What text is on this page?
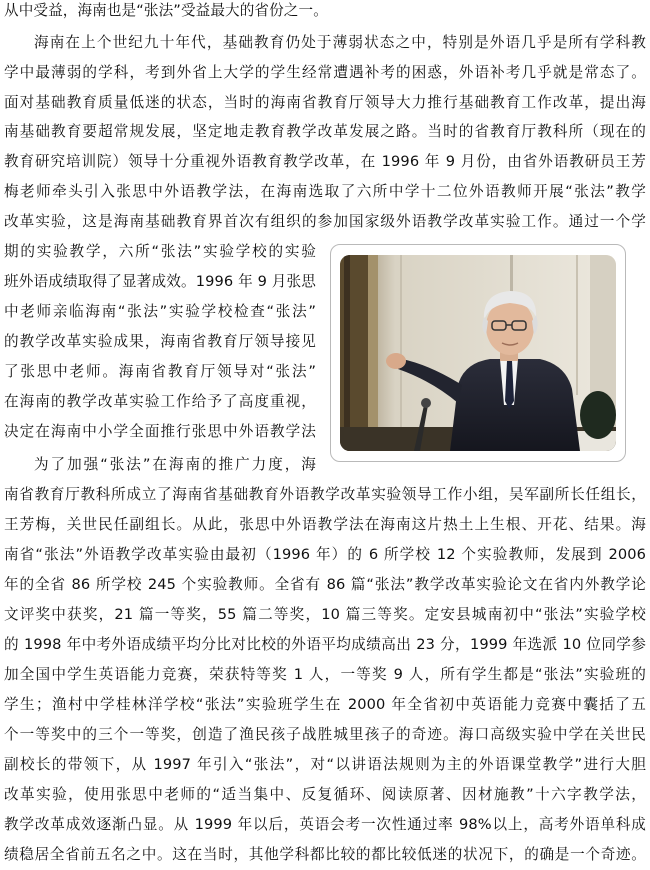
从中受益，海南也是“张法”受益最大的省份之一。
海南在上个世纪九十年代，基础教育仍处于薄弱状态之中，特别是外语几乎是所有学科教
学中最薄弱的学科，考到外省上大学的学生经常遭遇补考的困惑，外语补考几乎就是常态了。
面对基础教育质量低迷的状态，当时的海南省教育厅领导大力推行基础教育工作改革，提出海
南基础教育要超常规发展，坚定地走教育教学改革发展之路。当时的省教育厅教科所（现在的
教育研究培训院）领导十分重视外语教育教学改革，在 1996 年 9 月份，由省外语教研员王芳
梅老师牵头引入张思中外语教学法，在海南选取了六所中学十二位外语教师开展“张法”教学
改革实验，这是海南基础教育界首次有组织的参加国家级外语教学改革实验工作。通过一个学
期的实验教学，六所“张法”实验学校的实验
班外语成绩取得了显著成效。1996 年 9 月张思
中老师亲临海南“张法”实验学校检查“张法”
的教学改革实验成果，海南省教育厅领导接见
了张思中老师。海南省教育厅领导对“张法”
在海南的教学改革实验工作给予了高度重视，
决定在海南中小学全面推行张思中外语教学法
为了加强“张法”在海南的推广力度，海
南省教育厅教科所成立了海南省基础教育外语教学改革实验领导工作小组，吴军副所长任组长，
王芳梅，关世民任副组长。从此，张思中外语教学法在海南这片热土上生根、开花、结果。海
南省“张法”外语教学改革实验由最初（1996 年）的 6 所学校 12 个实验教师，发展到 2006
年的全省 86 所学校 245 个实验教师。全省有 86 篇“张法”教学改革实验论文在省内外教学论
文评奖中获奖，21 篇一等奖，55 篇二等奖，10 篇三等奖。定安县城南初中“张法”实验学校
的 1998 年中考外语成绩平均分比对比校的外语平均成绩高出 23 分，1999 年选派 10 位同学参
加全国中学生英语能力竞赛，荣获特等奖 1 人，一等奖 9 人，所有学生都是“张法”实验班的
学生；渔村中学桂林洋学校“张法”实验班学生在 2000 年全省初中英语能力竞赛中囊括了五
个一等奖中的三个一等奖，创造了渔民孩子战胜城里孩子的奇迹。海口高级实验中学在关世民
副校长的带领下，从 1997 年引入“张法”，对“以讲语法规则为主的外语课堂教学”进行大胆
改革实验，使用张思中老师的“适当集中、反复循环、阅读原著、因材施教”十六字教学法，
教学改革成效逐渐凸显。从 1999 年以后，英语会考一次性通过率 98%以上，高考外语单科成
绩稳居全省前五名之中。这在当时，其他学科都比较的都比较低迷的状况下，的确是一个奇迹。
